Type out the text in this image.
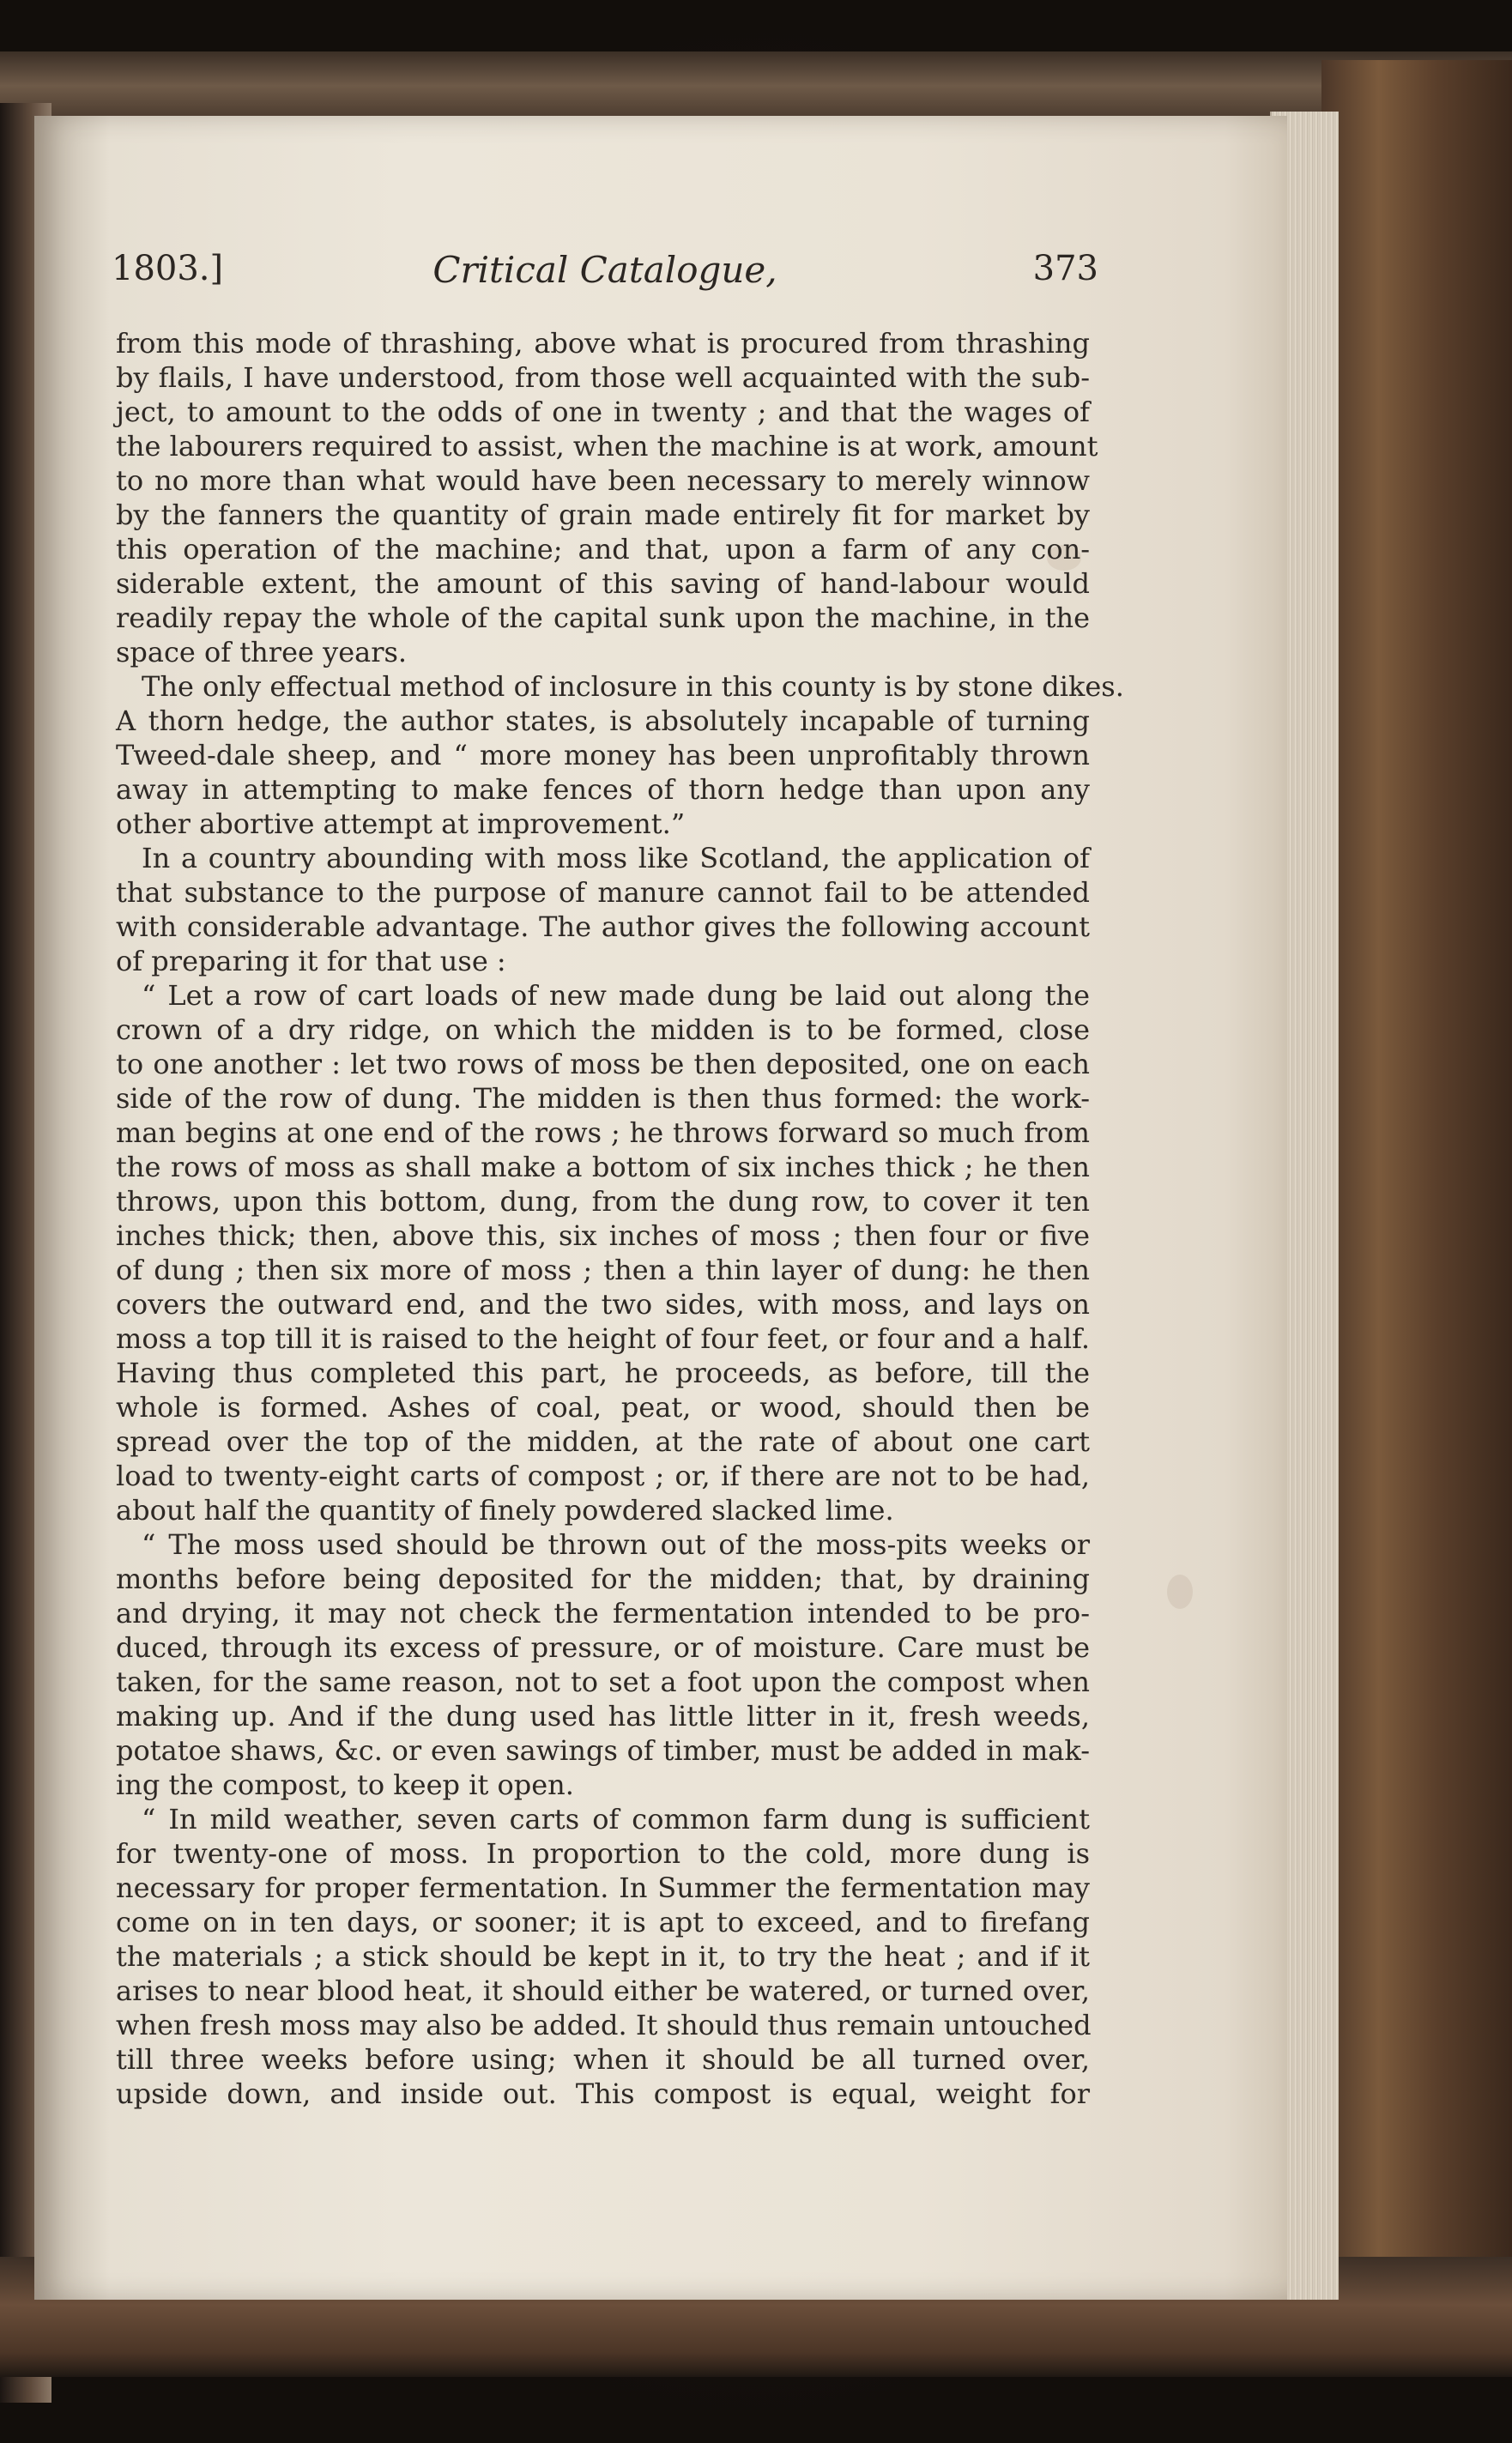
1803.]	Critical Catalogue,	373
from this mode of thrashing, above what is procured from thrashing
by flails, I have understood, from those well acquainted with the sub-
ject, to amount to the odds of one in twenty ; and that the wages of
the labourers required to assist, when the machine is at work, amount
to no more than what would have been necessary to merely winnow
by the fanners the quantity of grain made entirely fit for market by
this operation of the machine; and that, upon a farm of any con-
siderable extent, the amount of this saving of hand-labour would
readily repay the whole of the capital sunk upon the machine, in the
space of three years.
The only effectual method of inclosure in this county is by stone dikes.
A thorn hedge, the author states, is absolutely incapable of turning
Tweed-dale sheep, and “ more money has been unprofitably thrown
away in attempting to make fences of thorn hedge than upon any
other abortive attempt at improvement.”
In a country abounding with moss like Scotland, the application of
that substance to the purpose of manure cannot fail to be attended
with considerable advantage. The author gives the following account
of preparing it for that use :
“ Let a row of cart loads of new made dung be laid out along the
crown of a dry ridge, on which the midden is to be formed, close
to one another : let two rows of moss be then deposited, one on each
side of the row of dung. The midden is then thus formed: the work-
man begins at one end of the rows ; he throws forward so much from
the rows of moss as shall make a bottom of six inches thick ; he then
throws, upon this bottom, dung, from the dung row, to cover it ten
inches thick; then, above this, six inches of moss ; then four or five
of dung ; then six more of moss ; then a thin layer of dung: he then
covers the outward end, and the two sides, with moss, and lays on
moss a top till it is raised to the height of four feet, or four and a half.
Having thus completed this part, he proceeds, as before, till the
whole is formed. Ashes of coal, peat, or wood, should then be
spread over the top of the midden, at the rate of about one cart
load to twenty-eight carts of compost ; or, if there are not to be had,
about half the quantity of finely powdered slacked lime.
“ The moss used should be thrown out of the moss-pits weeks or
months before being deposited for the midden; that, by draining
and drying, it may not check the fermentation intended to be pro-
duced, through its excess of pressure, or of moisture. Care must be
taken, for the same reason, not to set a foot upon the compost when
making up. And if the dung used has little litter in it, fresh weeds,
potatoe shaws, &c. or even sawings of timber, must be added in mak-
ing the compost, to keep it open.
“ In mild weather, seven carts of common farm dung is sufficient
for twenty-one of moss. In proportion to the cold, more dung is
necessary for proper fermentation. In Summer the fermentation may
come on in ten days, or sooner; it is apt to exceed, and to firefang
the materials ; a stick should be kept in it, to try the heat ; and if it
arises to near blood heat, it should either be watered, or turned over,
when fresh moss may also be added. It should thus remain untouched
till three weeks before using; when it should be all turned over,
upside down, and inside out. This compost is equal, weight for
